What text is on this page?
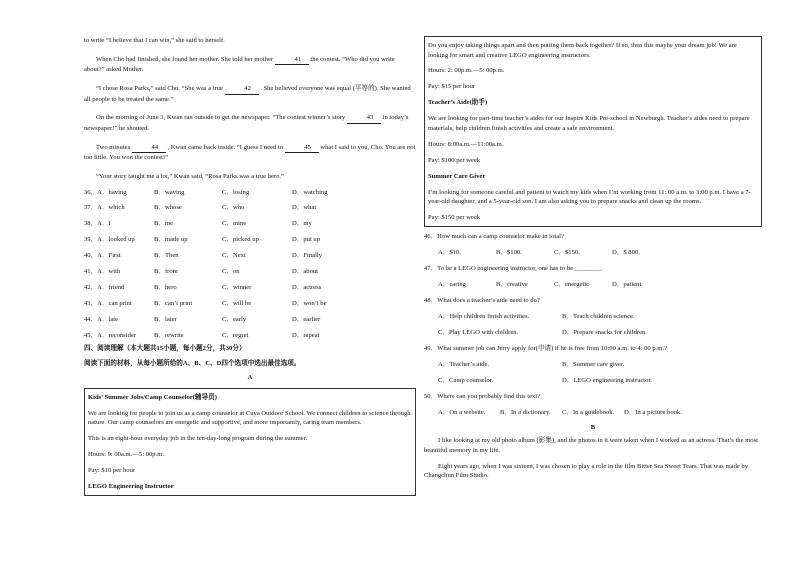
to write “I believe that I can win,” she said to herself.

When Cho had finished, she found her mother. She told her mother	41 the contest. “Who did you write about?” asked Mother.

“I chose Rosa Parks,” said Cho. “She was a true	42 . She believed everyone was equal (平等的). She wanted all people to be treated the same.”

On the morning of June 3, Kwan ran outside to get the newspaper. “The contest winner’s story	43 in today’s newspaper!” he shouted.

Two minutes	44 , Kwan came back inside. “I guess I need to	45 what I said to you, Cho. You are not too little. You won the contest!”

“Your story taught me a lot,” Kwan said, “Rosa Parks was a true hero.”

36．A．having	B．waving	C．losing	D．watching
37．A．which	B．whose	C．who	D．what
38．A．I	B．me	C．mine	D．my
39．A．looked up	B．made up	C．picked up	D．put up
40．A．First	B．Then	C．Next	D．Finally
41．A．with	B．from	C．on	D．about
42．A．friend	B．hero	C．winner	D．actress
43．A．can print	B．can’t print	C．will be	D．won’t be
44．A．late	B．later	C．early	D．earlier
45．A．reconsider	B．rewrite	C．regret	D．repeat

四、阅读理解（本大题共15小题，每小题2分，共30分）

阅读下面的材料，从每小题所给的A、B、C、D四个选项中选出最佳选项。

A

Kids’ Summer Jobs/Camp Counselor(辅导员)

We are looking for people to join us as a camp counselor at Cuya Outdoor School. We connect children to science through nature. Our camp counselors are energetic and supportive, and more importantly, caring team members.

This is an eight-hour everyday job in the ten-day-long program during the summer.

Hours: 9: 00a.m.—5: 00p.m.

Pay: $10 per hour

LEGO Engineering Instructor

Do you enjoy taking things apart and then putting them back together? If so, then this maybe your dream job! We are looking for smart and creative LEGO engineering instructors.

Hours: 2: 00p.m.—5: 00p.m.

Pay: $15 per hour

Teacher’s Aide(助手)

We are looking for part-time teacher’s aides for our Inspire Kids Pre-school in Newburgh. Teacher’s aides need to prepare materials, help children finish activities and create a safe environment.

Hours: 8:00a.m.—11:00a.m.

Pay: $100 per week

Summer Care Giver

I’m looking for someone careful and patient to watch my kids when I’m working from 11: 00 a.m. to 3:00 p.m. I have a 7-year-old daughter, and a 5-year-old son. I am also asking you to prepare snacks and clean up the rooms.

Pay: $150 per week

46．How much can a camp counselor make in total?
A．$10.	B．$100.	C．$150.	D．$ 800.
47．To be a LEGO engineering instructor, one has to be ________.
A．caring	B．creative	C．energetic	D．patient
48．What does a teacher’s aide need to do?
A．Help children finish activities.	B．Teach children science.
C．Play LEGO with children.	D．Prepare snacks for children.
49．What summer job can Jerry apply for(申请) if he is free from 10:00 a.m. to 4: 00 p.m.?
A．Teacher’s aide.	B．Summer care giver.
C．Camp counselor.	D．LEGO engineering instructor.
50．Where can you probably find this text?
A．On a website.	B．In a dictionary.	C．In a guidebook.	D．In a picture book.

B

I like looking at my old photo album (影集), and the photos in it were taken when I worked as an actress. That’s the most beautiful memory in my life.

Eight years ago, when I was sixteen, I was chosen to play a role in the film Bitter Sea Sweet Tears. That was made by Changchun Film Studio.
